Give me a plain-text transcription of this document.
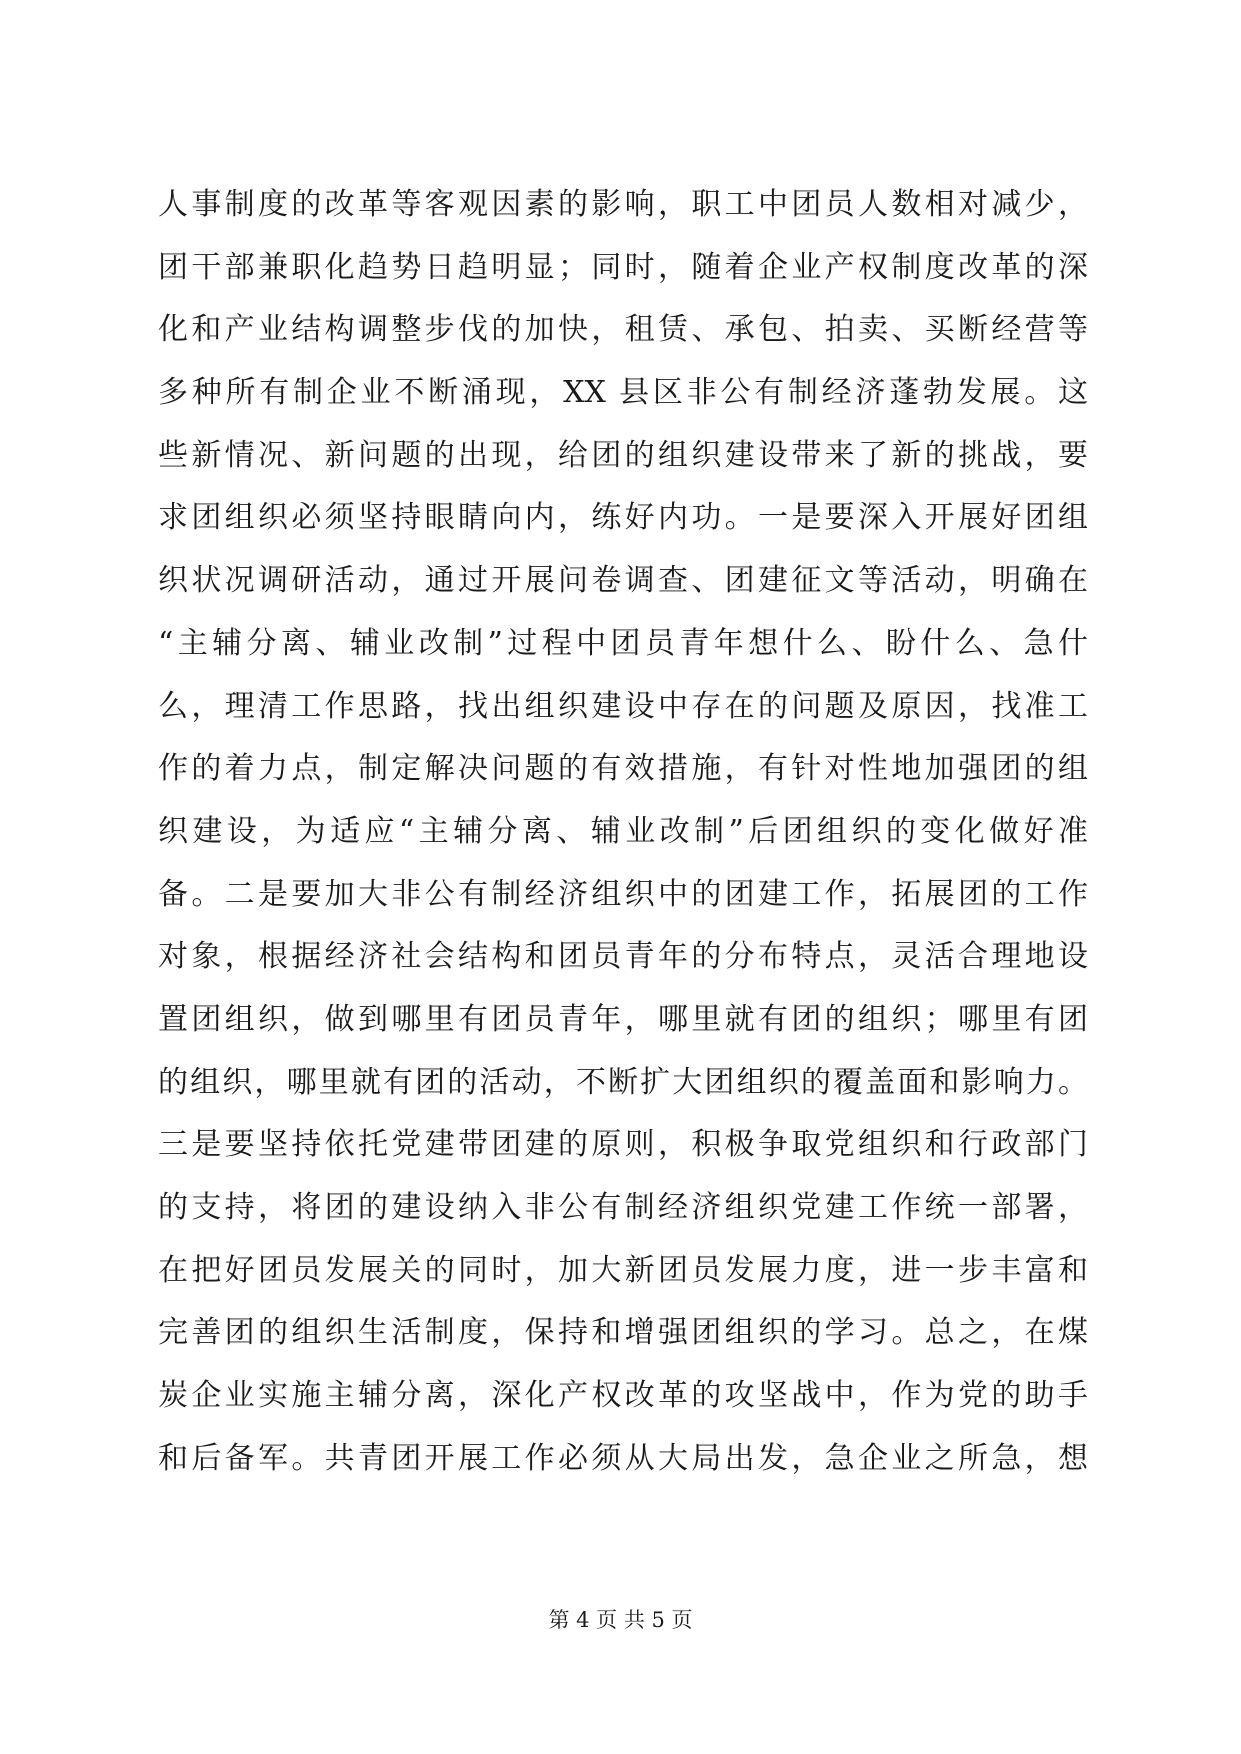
人事制度的改革等客观因素的影响，职工中团员人数相对减少，
团干部兼职化趋势日趋明显；同时，随着企业产权制度改革的深
化和产业结构调整步伐的加快，租赁、承包、拍卖、买断经营等
多种所有制企业不断涌现，XX 县区非公有制经济蓬勃发展。这
些新情况、新问题的出现，给团的组织建设带来了新的挑战，要
求团组织必须坚持眼睛向内，练好内功。一是要深入开展好团组
织状况调研活动，通过开展问卷调查、团建征文等活动，明确在
“主辅分离、辅业改制”过程中团员青年想什么、盼什么、急什
么，理清工作思路，找出组织建设中存在的问题及原因，找准工
作的着力点，制定解决问题的有效措施，有针对性地加强团的组
织建设，为适应“主辅分离、辅业改制”后团组织的变化做好准
备。二是要加大非公有制经济组织中的团建工作，拓展团的工作
对象，根据经济社会结构和团员青年的分布特点，灵活合理地设
置团组织，做到哪里有团员青年，哪里就有团的组织；哪里有团
的组织，哪里就有团的活动，不断扩大团组织的覆盖面和影响力。
三是要坚持依托党建带团建的原则，积极争取党组织和行政部门
的支持，将团的建设纳入非公有制经济组织党建工作统一部署，
在把好团员发展关的同时，加大新团员发展力度，进一步丰富和
完善团的组织生活制度，保持和增强团组织的学习。总之，在煤
炭企业实施主辅分离，深化产权改革的攻坚战中，作为党的助手
和后备军。共青团开展工作必须从大局出发，急企业之所急，想
第 4 页 共 5 页
